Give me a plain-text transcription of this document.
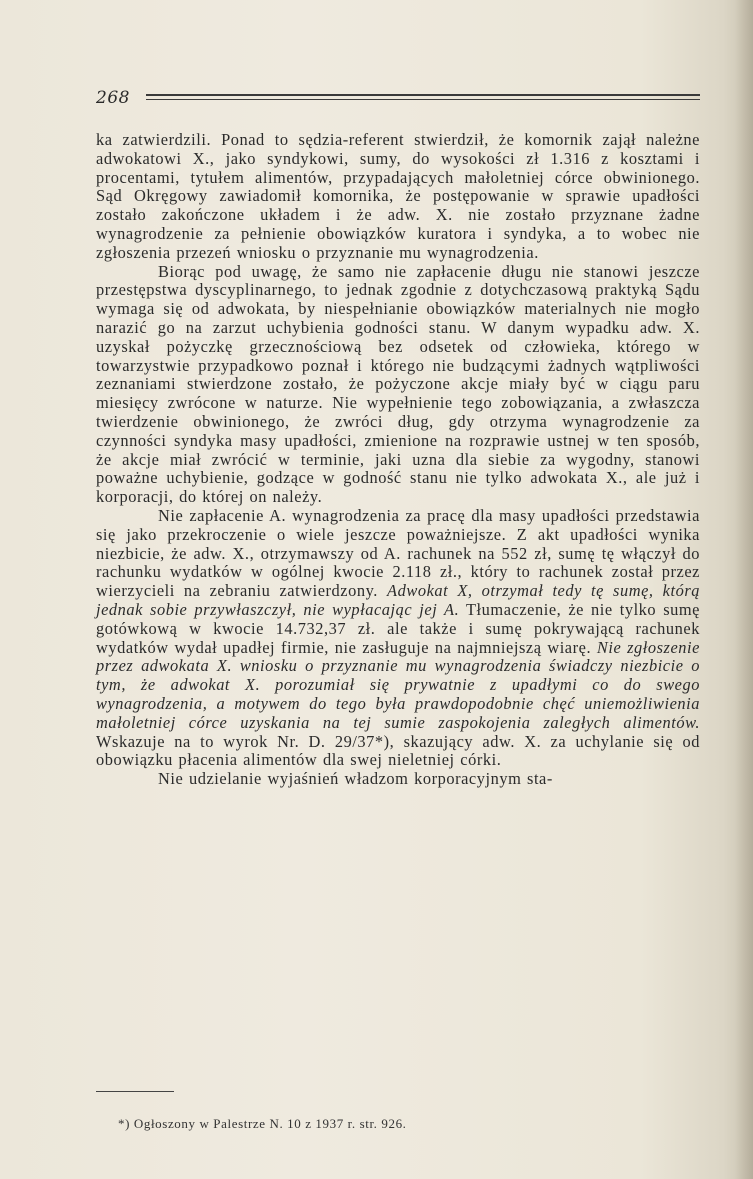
268

ka zatwierdzili. Ponad to sędzia-referent stwierdził, że komornik zajął należne adwokatowi X., jako syndykowi, sumy, do wysokości zł 1.316 z kosztami i procentami, tytułem alimentów, przypadających małoletniej córce obwinionego. Sąd Okręgowy zawiadomił komornika, że postępowanie w sprawie upadłości zostało zakończone układem i że adw. X. nie zostało przyznane żadne wynagrodzenie za pełnienie obowiązków kuratora i syndyka, a to wobec nie zgłoszenia przezeń wniosku o przyznanie mu wynagrodzenia.

Biorąc pod uwagę, że samo nie zapłacenie długu nie stanowi jeszcze przestępstwa dyscyplinarnego, to jednak zgodnie z dotychczasową praktyką Sądu wymaga się od adwokata, by niespełnianie obowiązków materialnych nie mogło narazić go na zarzut uchybienia godności stanu. W danym wypadku adw. X. uzyskał pożyczkę grzecznościową bez odsetek od człowieka, którego w towarzystwie przypadkowo poznał i którego nie budzącymi żadnych wątpliwości zeznaniami stwierdzone zostało, że pożyczone akcje miały być w ciągu paru miesięcy zwrócone w naturze. Nie wypełnienie tego zobowiązania, a zwłaszcza twierdzenie obwinionego, że zwróci dług, gdy otrzyma wynagrodzenie za czynności syndyka masy upadłości, zmienione na rozprawie ustnej w ten sposób, że akcje miał zwrócić w terminie, jaki uzna dla siebie za wygodny, stanowi poważne uchybienie, godzące w godność stanu nie tylko adwokata X., ale już i korporacji, do której on należy.

Nie zapłacenie A. wynagrodzenia za pracę dla masy upadłości przedstawia się jako przekroczenie o wiele jeszcze poważniejsze. Z akt upadłości wynika niezbicie, że adw. X., otrzymawszy od A. rachunek na 552 zł, sumę tę włączył do rachunku wydatków w ogólnej kwocie 2.118 zł., który to rachunek został przez wierzycieli na zebraniu zatwierdzony. Adwokat X, otrzymał tedy tę sumę, którą jednak sobie przywłaszczył, nie wypłacając jej A. Tłumaczenie, że nie tylko sumę gotówkową w kwocie 14.732,37 zł. ale także i sumę pokrywającą rachunek wydatków wydał upadłej firmie, nie zasługuje na najmniejszą wiarę. Nie zgłoszenie przez adwokata X. wniosku o przyznanie mu wynagrodzenia świadczy niezbicie o tym, że adwokat X. porozumiał się prywatnie z upadłymi co do swego wynagrodzenia, a motywem do tego była prawdopodobnie chęć uniemożliwienia małoletniej córce uzyskania na tej sumie zaspokojenia zaległych alimentów. Wskazuje na to wyrok Nr. D. 29/37*), skazujący adw. X. za uchylanie się od obowiązku płacenia alimentów dla swej nieletniej córki.

Nie udzielanie wyjaśnień władzom korporacyjnym sta-

*) Ogłoszony w Palestrze N. 10 z 1937 r. str. 926.
